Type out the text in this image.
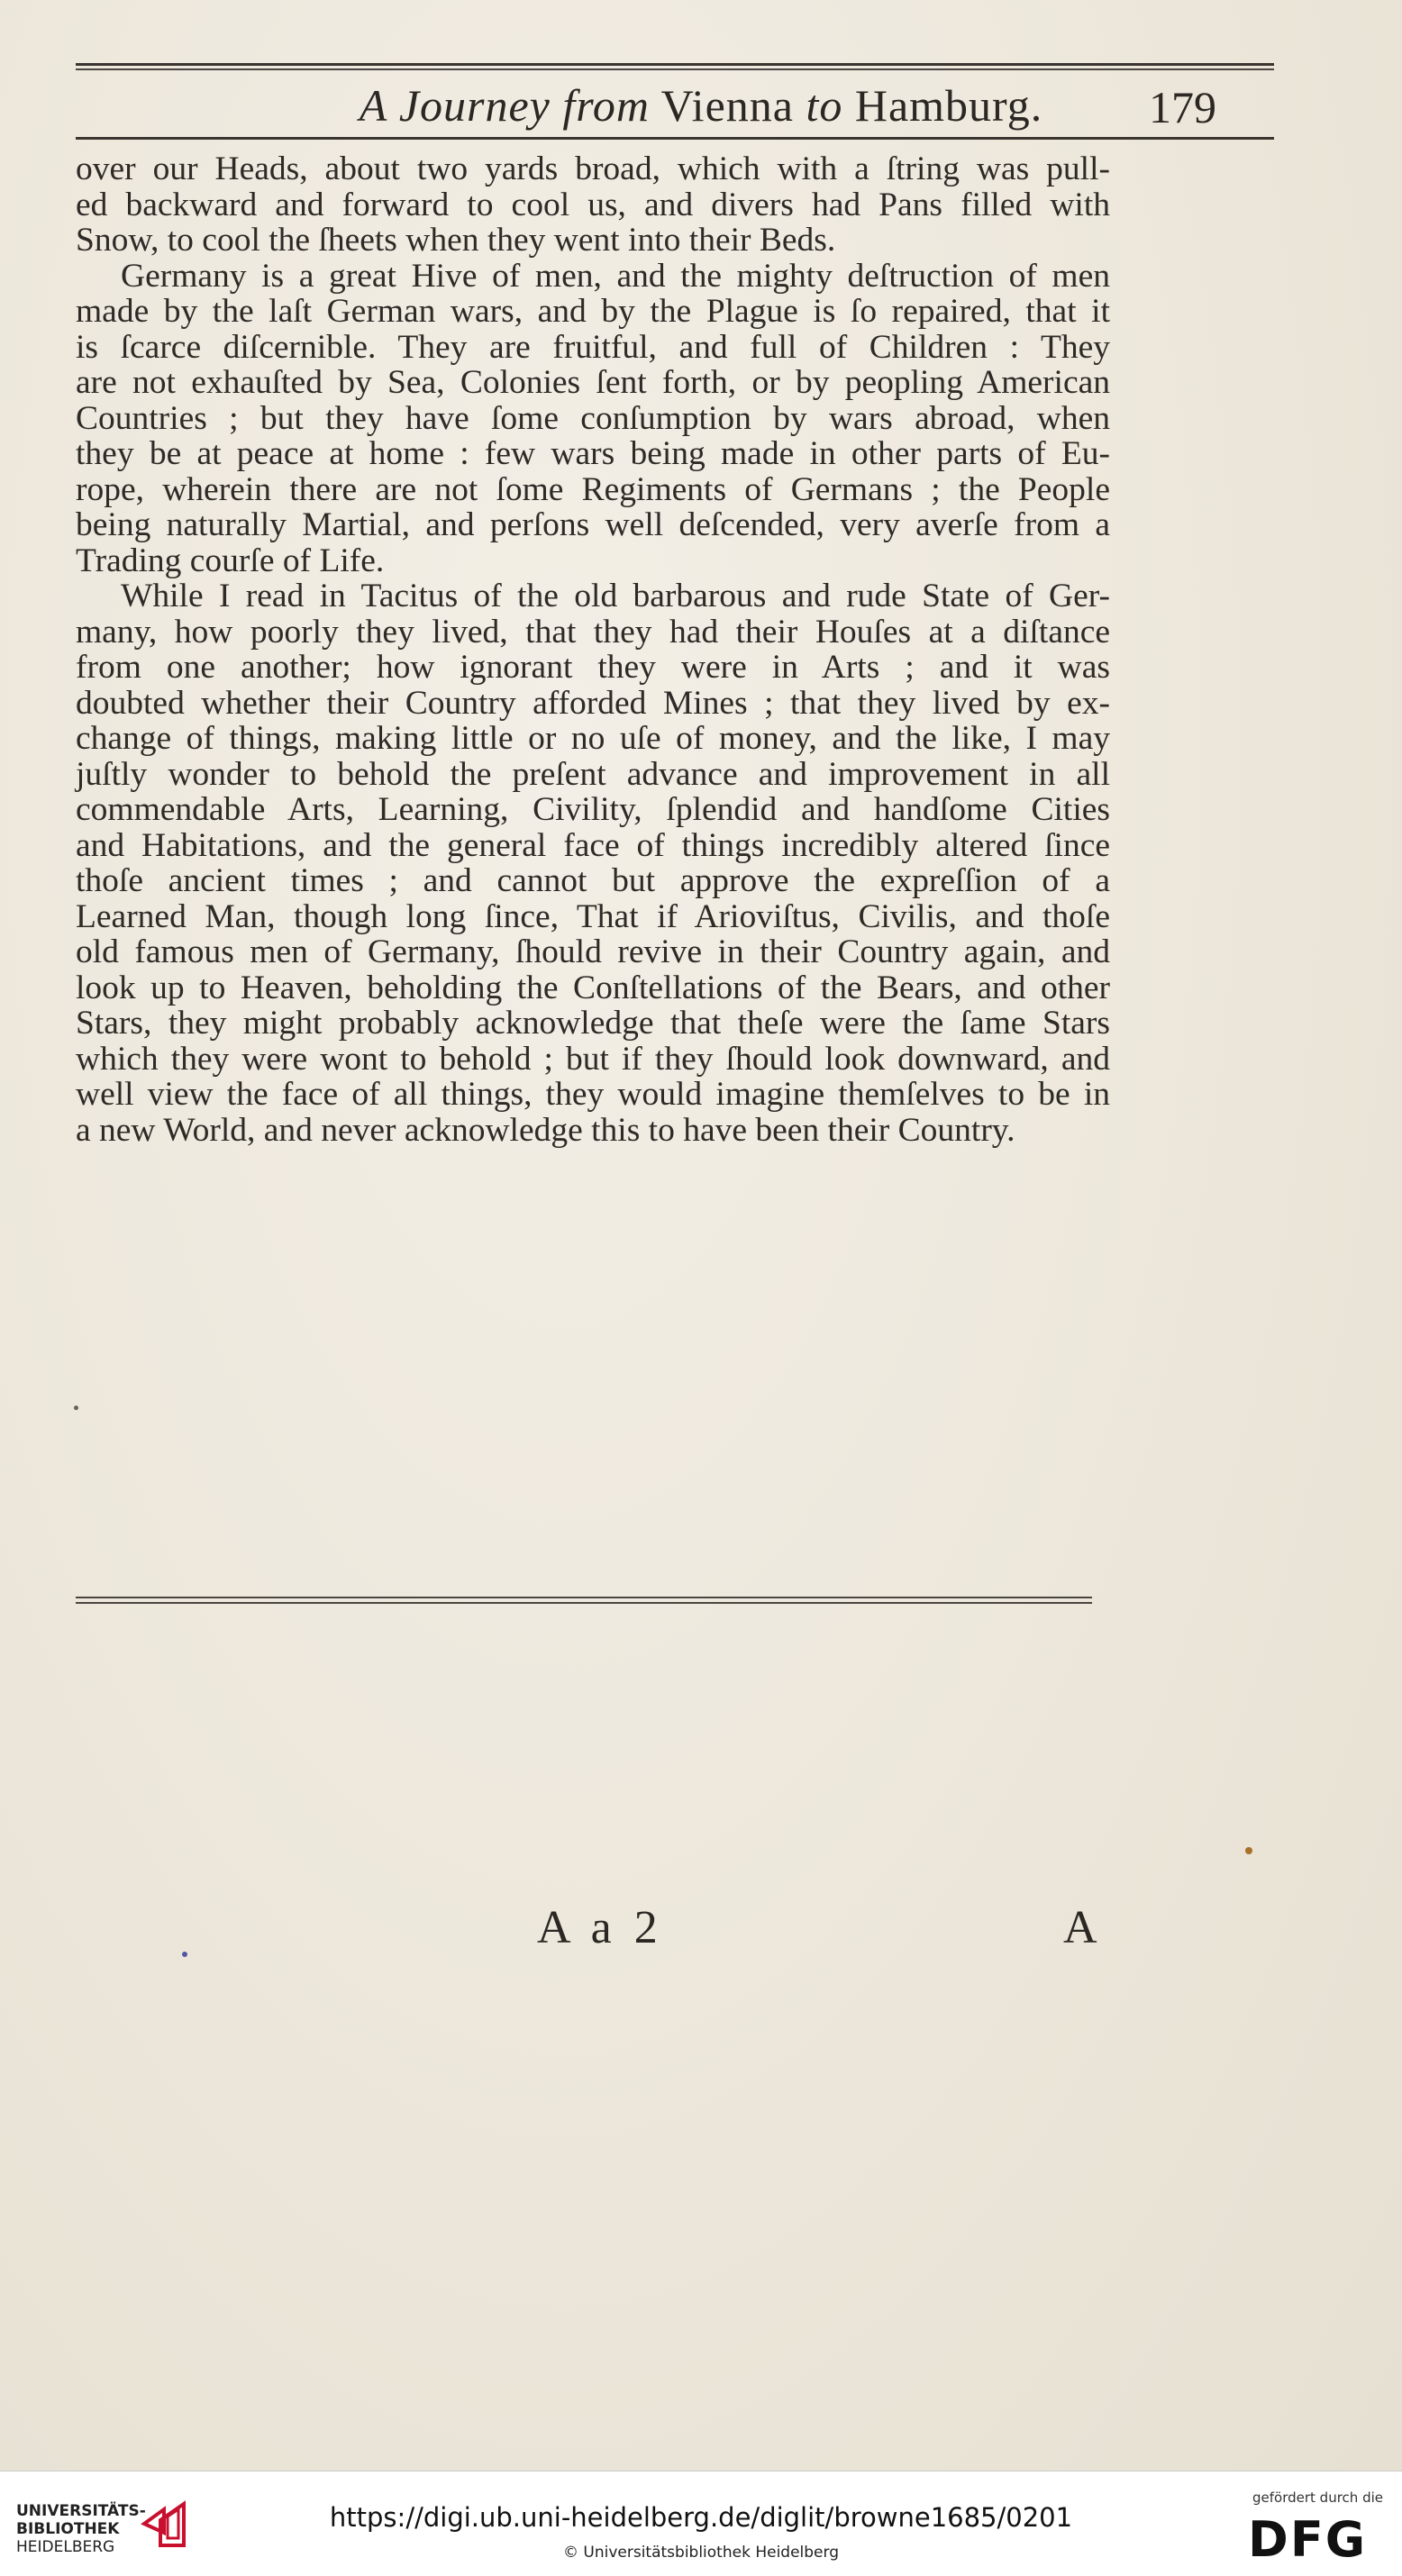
A Journey from Vienna to Hamburg.	179
over our Heads, about two yards broad, which with a ſtring was pull-
ed backward and forward to cool us, and divers had Pans filled with
Snow, to cool the ſheets when they went into their Beds.
Germany is a great Hive of men, and the mighty deſtruction of men
made by the laſt German wars, and by the Plague is ſo repaired, that it
is ſcarce diſcernible. They are fruitful, and full of Children : They
are not exhauſted by Sea, Colonies ſent forth, or by peopling American
Countries ; but they have ſome conſumption by wars abroad, when
they be at peace at home : few wars being made in other parts of Eu-
rope, wherein there are not ſome Regiments of Germans ; the People
being naturally Martial, and perſons well deſcended, very averſe from a
Trading courſe of Life.
While I read in Tacitus of the old barbarous and rude State of Ger-
many, how poorly they lived, that they had their Houſes at a diſtance
from one another; how ignorant they were in Arts ; and it was
doubted whether their Country afforded Mines ; that they lived by ex-
change of things, making little or no uſe of money, and the like, I may
juſtly wonder to behold the preſent advance and improvement in all
commendable Arts, Learning, Civility, ſplendid and handſome Cities
and Habitations, and the general face of things incredibly altered ſince
thoſe ancient times ; and cannot but approve the expreſſion of a
Learned Man, though long ſince, That if Arioviſtus, Civilis, and thoſe
old famous men of Germany, ſhould revive in their Country again, and
look up to Heaven, beholding the Conſtellations of the Bears, and other
Stars, they might probably acknowledge that theſe were the ſame Stars
which they were wont to behold ; but if they ſhould look downward, and
well view the face of all things, they would imagine themſelves to be in
a new World, and never acknowledge this to have been their Country.
A a 2	A
UNIVERSITÄTS-
BIBLIOTHEK
HEIDELBERG
https://digi.ub.uni-heidelberg.de/diglit/browne1685/0201
© Universitätsbibliothek Heidelberg
gefördert durch die
DFG
